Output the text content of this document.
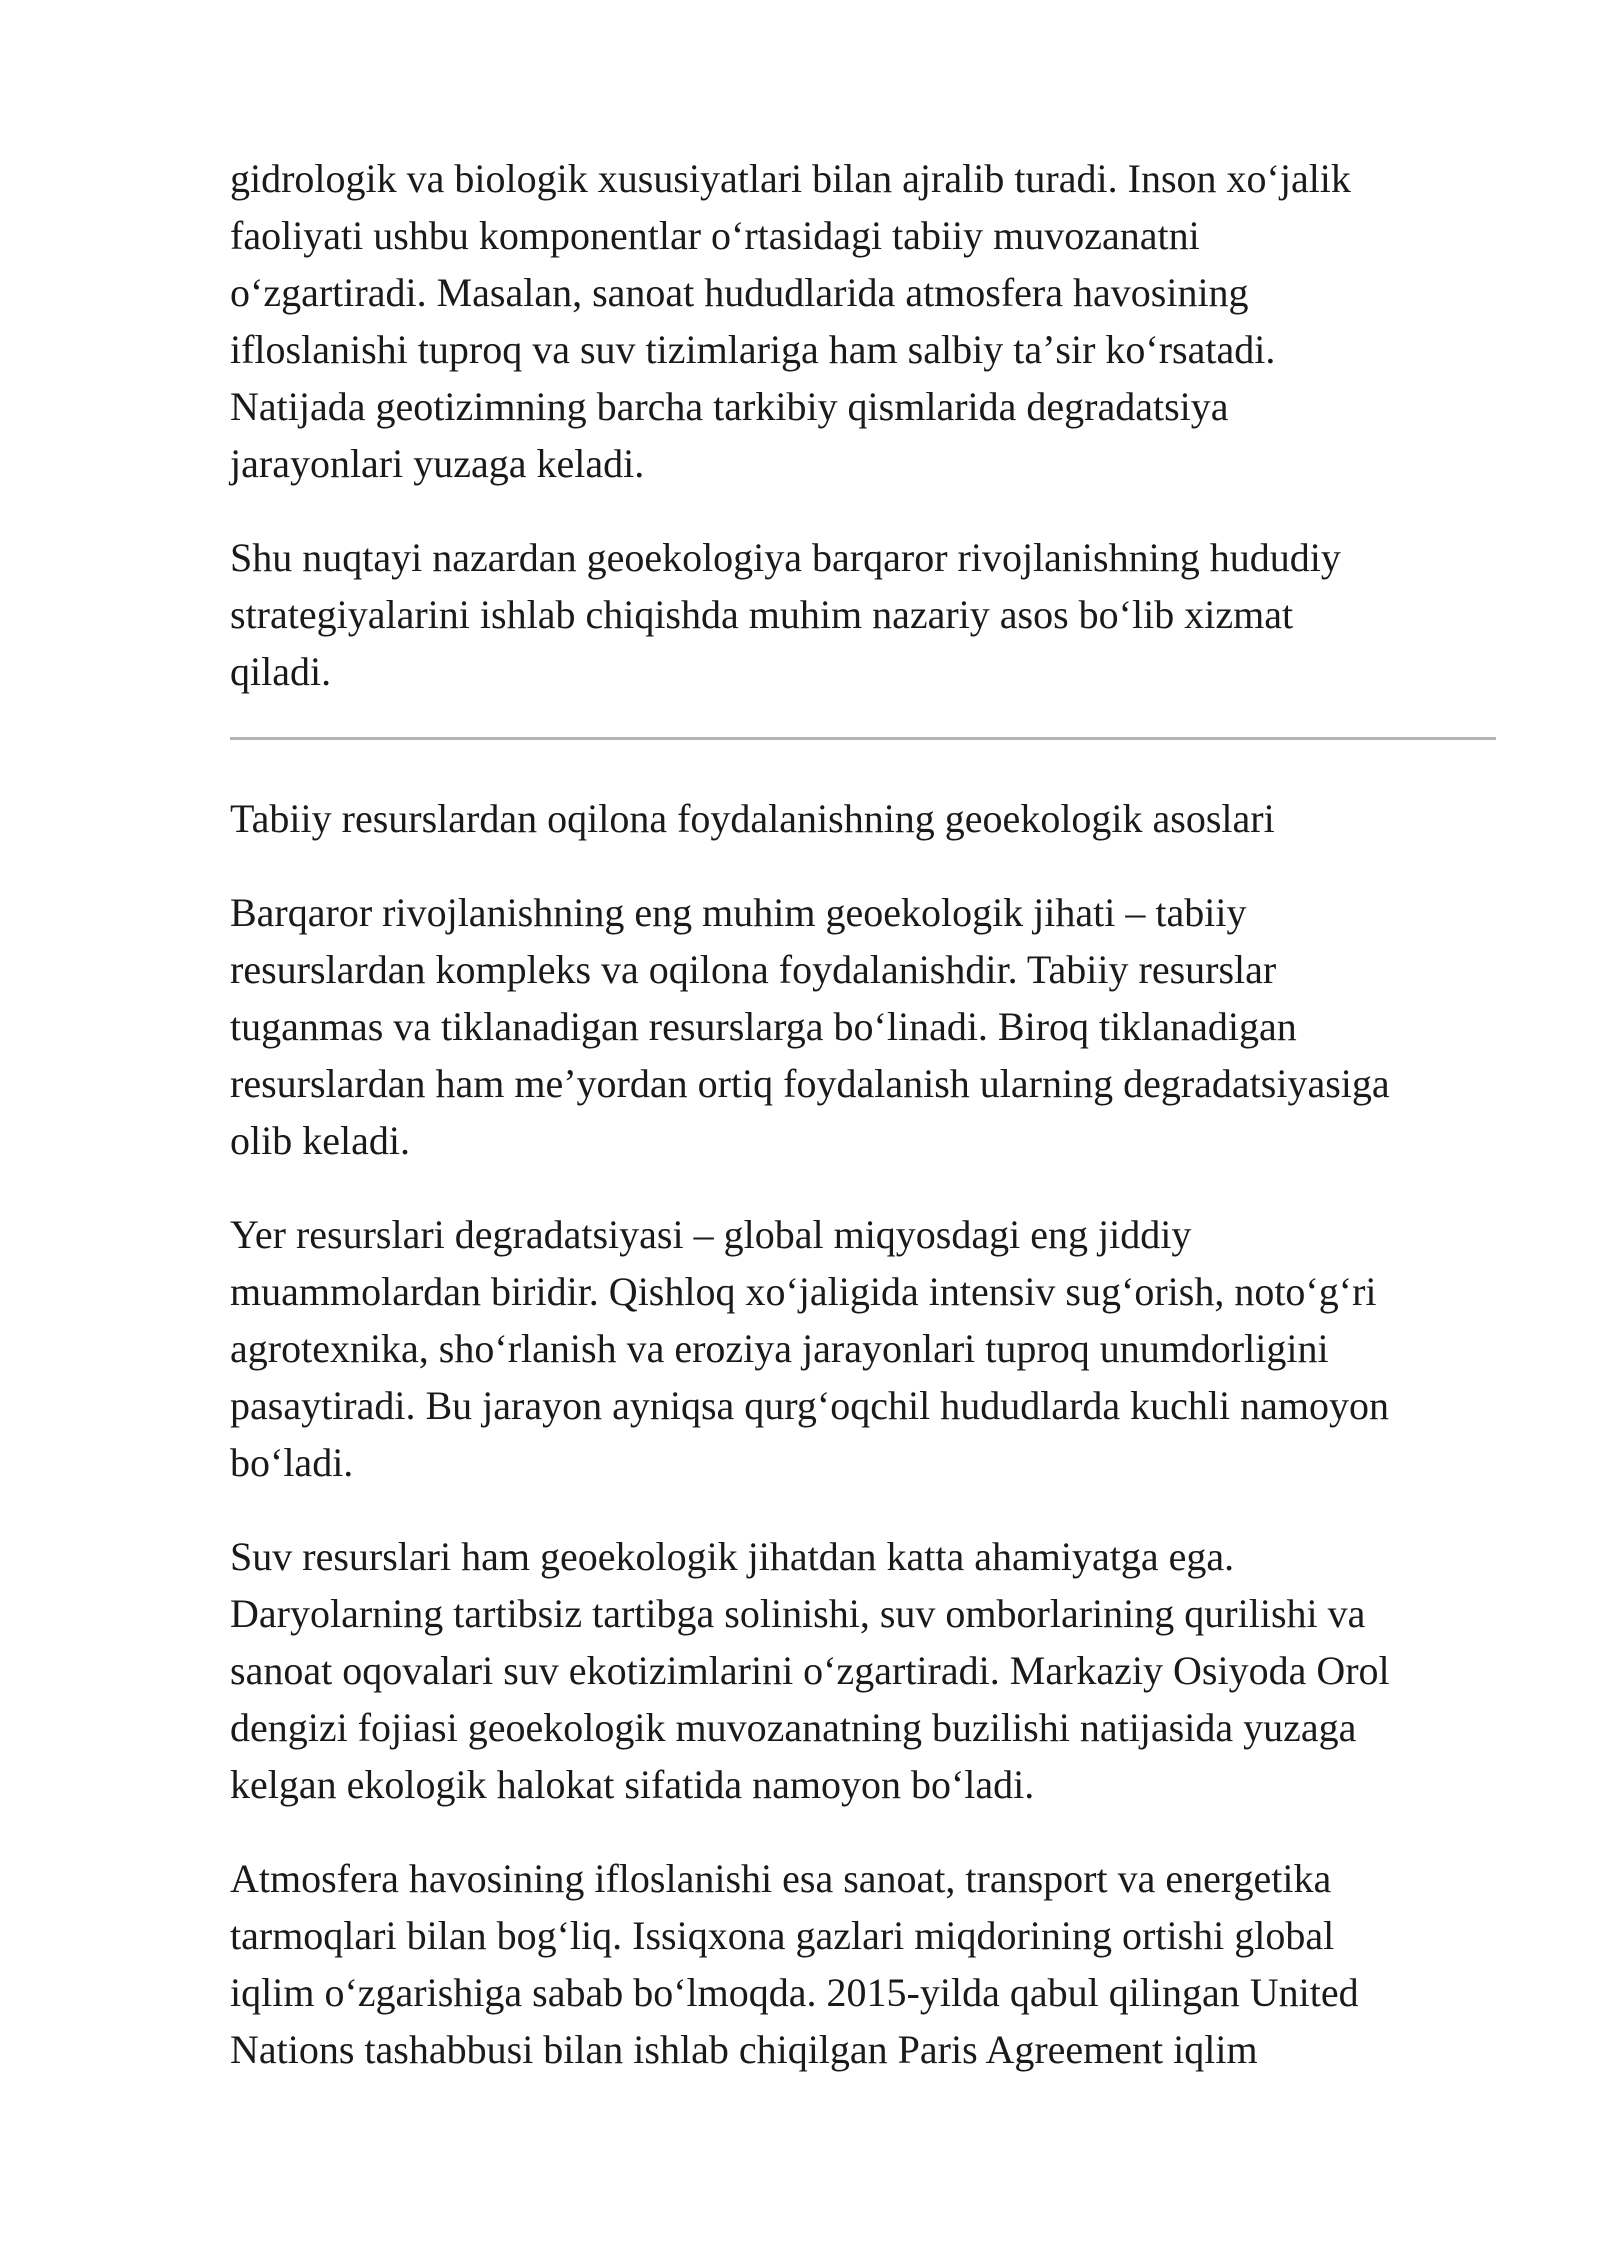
gidrologik va biologik xususiyatlari bilan ajralib turadi. Inson xoʻjalik
faoliyati ushbu komponentlar oʻrtasidagi tabiiy muvozanatni
oʻzgartiradi. Masalan, sanoat hududlarida atmosfera havosining
ifloslanishi tuproq va suv tizimlariga ham salbiy taʼsir koʻrsatadi.
Natijada geotizimning barcha tarkibiy qismlarida degradatsiya
jarayonlari yuzaga keladi.

Shu nuqtayi nazardan geoekologiya barqaror rivojlanishning hududiy
strategiyalarini ishlab chiqishda muhim nazariy asos boʻlib xizmat
qiladi.

Tabiiy resurslardan oqilona foydalanishning geoekologik asoslari

Barqaror rivojlanishning eng muhim geoekologik jihati – tabiiy
resurslardan kompleks va oqilona foydalanishdir. Tabiiy resurslar
tuganmas va tiklanadigan resurslarga boʻlinadi. Biroq tiklanadigan
resurslardan ham meʼyordan ortiq foydalanish ularning degradatsiyasiga
olib keladi.

Yer resurslari degradatsiyasi – global miqyosdagi eng jiddiy
muammolardan biridir. Qishloq xoʻjaligida intensiv sugʻorish, notoʻgʻri
agrotexnika, shoʻrlanish va eroziya jarayonlari tuproq unumdorligini
pasaytiradi. Bu jarayon ayniqsa qurgʻoqchil hududlarda kuchli namoyon
boʻladi.

Suv resurslari ham geoekologik jihatdan katta ahamiyatga ega.
Daryolarning tartibsiz tartibga solinishi, suv omborlarining qurilishi va
sanoat oqovalari suv ekotizimlarini oʻzgartiradi. Markaziy Osiyoda Orol
dengizi fojiasi geoekologik muvozanatning buzilishi natijasida yuzaga
kelgan ekologik halokat sifatida namoyon boʻladi.

Atmosfera havosining ifloslanishi esa sanoat, transport va energetika
tarmoqlari bilan bogʻliq. Issiqxona gazlari miqdorining ortishi global
iqlim oʻzgarishiga sabab boʻlmoqda. 2015-yilda qabul qilingan United
Nations tashabbusi bilan ishlab chiqilgan Paris Agreement iqlim
